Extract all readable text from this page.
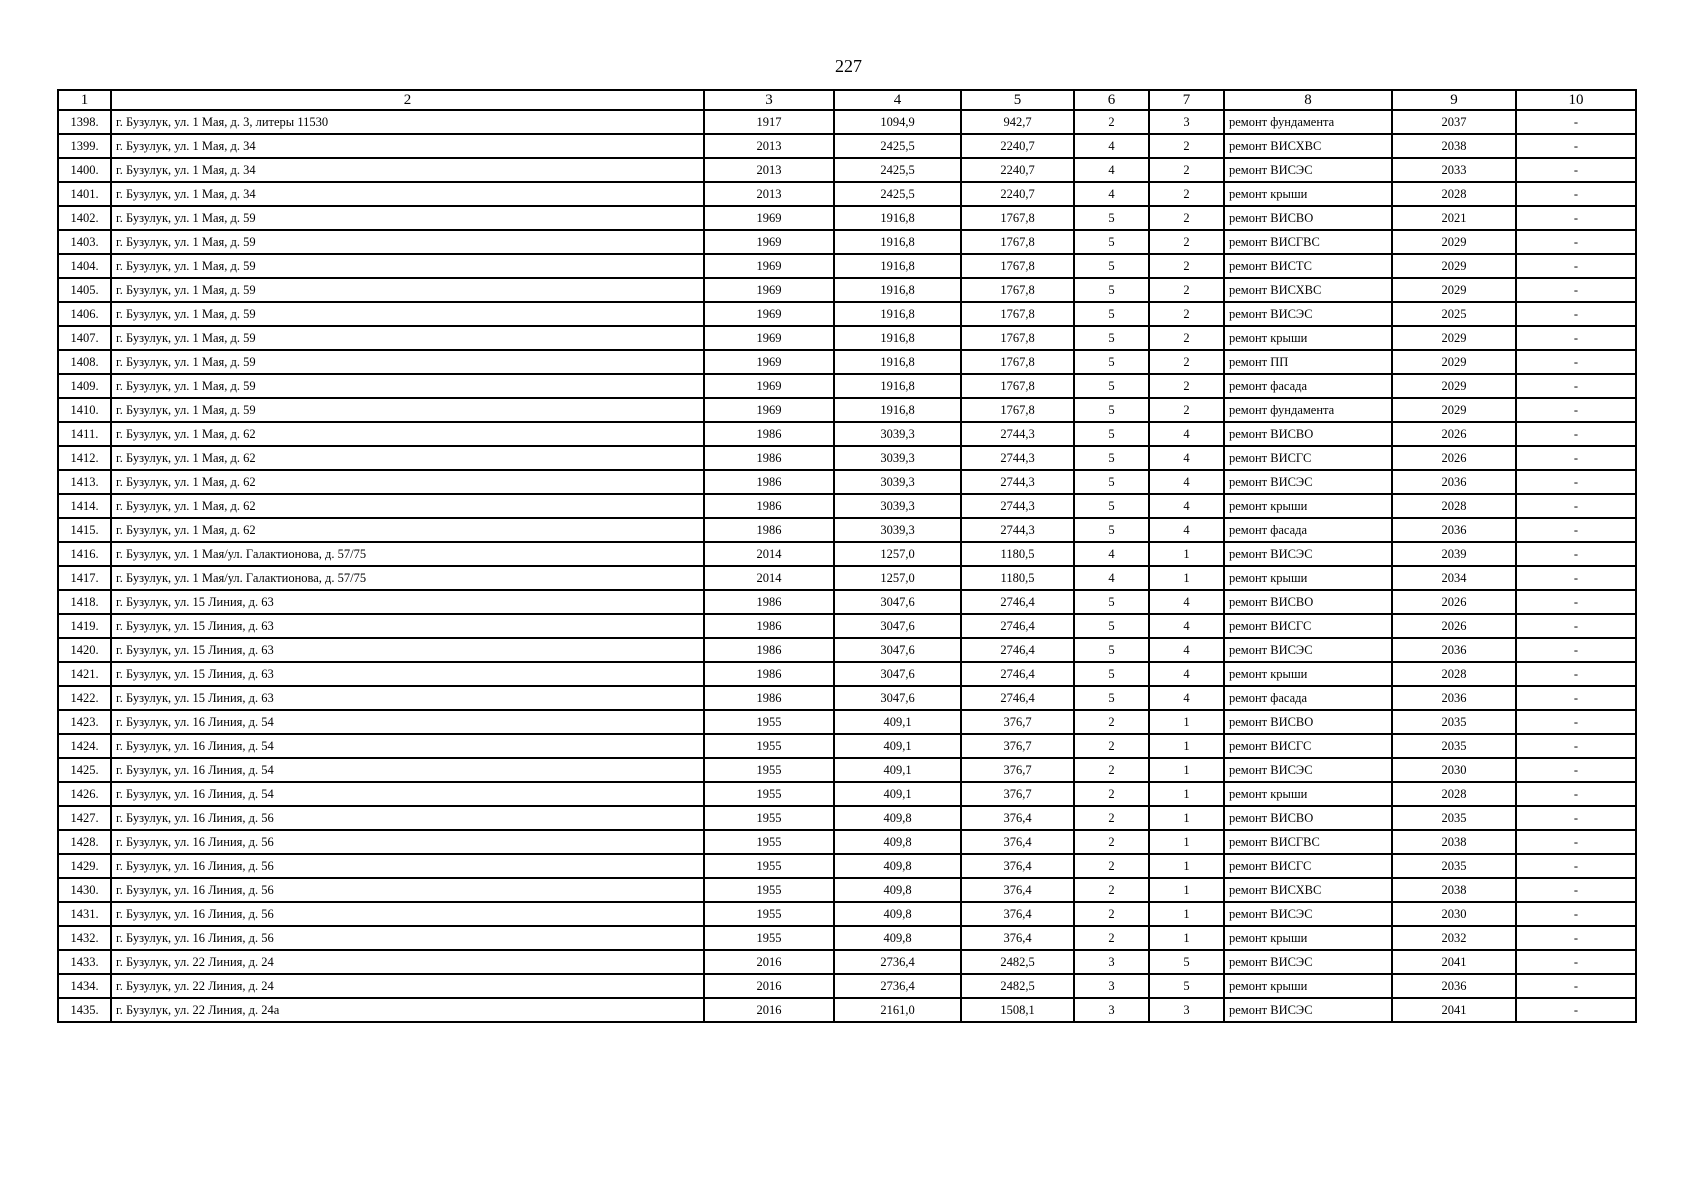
227
1	2	3	4	5	6	7	8	9	10
1398.	г. Бузулук, ул. 1 Мая, д. 3, литеры 11530	1917	1094,9	942,7	2	3	ремонт фундамента	2037	-
1399.	г. Бузулук, ул. 1 Мая, д. 34	2013	2425,5	2240,7	4	2	ремонт ВИСХВС	2038	-
1400.	г. Бузулук, ул. 1 Мая, д. 34	2013	2425,5	2240,7	4	2	ремонт ВИСЭС	2033	-
1401.	г. Бузулук, ул. 1 Мая, д. 34	2013	2425,5	2240,7	4	2	ремонт крыши	2028	-
1402.	г. Бузулук, ул. 1 Мая, д. 59	1969	1916,8	1767,8	5	2	ремонт ВИСВО	2021	-
1403.	г. Бузулук, ул. 1 Мая, д. 59	1969	1916,8	1767,8	5	2	ремонт ВИСГВС	2029	-
1404.	г. Бузулук, ул. 1 Мая, д. 59	1969	1916,8	1767,8	5	2	ремонт ВИСТС	2029	-
1405.	г. Бузулук, ул. 1 Мая, д. 59	1969	1916,8	1767,8	5	2	ремонт ВИСХВС	2029	-
1406.	г. Бузулук, ул. 1 Мая, д. 59	1969	1916,8	1767,8	5	2	ремонт ВИСЭС	2025	-
1407.	г. Бузулук, ул. 1 Мая, д. 59	1969	1916,8	1767,8	5	2	ремонт крыши	2029	-
1408.	г. Бузулук, ул. 1 Мая, д. 59	1969	1916,8	1767,8	5	2	ремонт ПП	2029	-
1409.	г. Бузулук, ул. 1 Мая, д. 59	1969	1916,8	1767,8	5	2	ремонт фасада	2029	-
1410.	г. Бузулук, ул. 1 Мая, д. 59	1969	1916,8	1767,8	5	2	ремонт фундамента	2029	-
1411.	г. Бузулук, ул. 1 Мая, д. 62	1986	3039,3	2744,3	5	4	ремонт ВИСВО	2026	-
1412.	г. Бузулук, ул. 1 Мая, д. 62	1986	3039,3	2744,3	5	4	ремонт ВИСГС	2026	-
1413.	г. Бузулук, ул. 1 Мая, д. 62	1986	3039,3	2744,3	5	4	ремонт ВИСЭС	2036	-
1414.	г. Бузулук, ул. 1 Мая, д. 62	1986	3039,3	2744,3	5	4	ремонт крыши	2028	-
1415.	г. Бузулук, ул. 1 Мая, д. 62	1986	3039,3	2744,3	5	4	ремонт фасада	2036	-
1416.	г. Бузулук, ул. 1 Мая/ул. Галактионова, д. 57/75	2014	1257,0	1180,5	4	1	ремонт ВИСЭС	2039	-
1417.	г. Бузулук, ул. 1 Мая/ул. Галактионова, д. 57/75	2014	1257,0	1180,5	4	1	ремонт крыши	2034	-
1418.	г. Бузулук, ул. 15 Линия, д. 63	1986	3047,6	2746,4	5	4	ремонт ВИСВО	2026	-
1419.	г. Бузулук, ул. 15 Линия, д. 63	1986	3047,6	2746,4	5	4	ремонт ВИСГС	2026	-
1420.	г. Бузулук, ул. 15 Линия, д. 63	1986	3047,6	2746,4	5	4	ремонт ВИСЭС	2036	-
1421.	г. Бузулук, ул. 15 Линия, д. 63	1986	3047,6	2746,4	5	4	ремонт крыши	2028	-
1422.	г. Бузулук, ул. 15 Линия, д. 63	1986	3047,6	2746,4	5	4	ремонт фасада	2036	-
1423.	г. Бузулук, ул. 16 Линия, д. 54	1955	409,1	376,7	2	1	ремонт ВИСВО	2035	-
1424.	г. Бузулук, ул. 16 Линия, д. 54	1955	409,1	376,7	2	1	ремонт ВИСГС	2035	-
1425.	г. Бузулук, ул. 16 Линия, д. 54	1955	409,1	376,7	2	1	ремонт ВИСЭС	2030	-
1426.	г. Бузулук, ул. 16 Линия, д. 54	1955	409,1	376,7	2	1	ремонт крыши	2028	-
1427.	г. Бузулук, ул. 16 Линия, д. 56	1955	409,8	376,4	2	1	ремонт ВИСВО	2035	-
1428.	г. Бузулук, ул. 16 Линия, д. 56	1955	409,8	376,4	2	1	ремонт ВИСГВС	2038	-
1429.	г. Бузулук, ул. 16 Линия, д. 56	1955	409,8	376,4	2	1	ремонт ВИСГС	2035	-
1430.	г. Бузулук, ул. 16 Линия, д. 56	1955	409,8	376,4	2	1	ремонт ВИСХВС	2038	-
1431.	г. Бузулук, ул. 16 Линия, д. 56	1955	409,8	376,4	2	1	ремонт ВИСЭС	2030	-
1432.	г. Бузулук, ул. 16 Линия, д. 56	1955	409,8	376,4	2	1	ремонт крыши	2032	-
1433.	г. Бузулук, ул. 22 Линия, д. 24	2016	2736,4	2482,5	3	5	ремонт ВИСЭС	2041	-
1434.	г. Бузулук, ул. 22 Линия, д. 24	2016	2736,4	2482,5	3	5	ремонт крыши	2036	-
1435.	г. Бузулук, ул. 22 Линия, д. 24а	2016	2161,0	1508,1	3	3	ремонт ВИСЭС	2041	-
